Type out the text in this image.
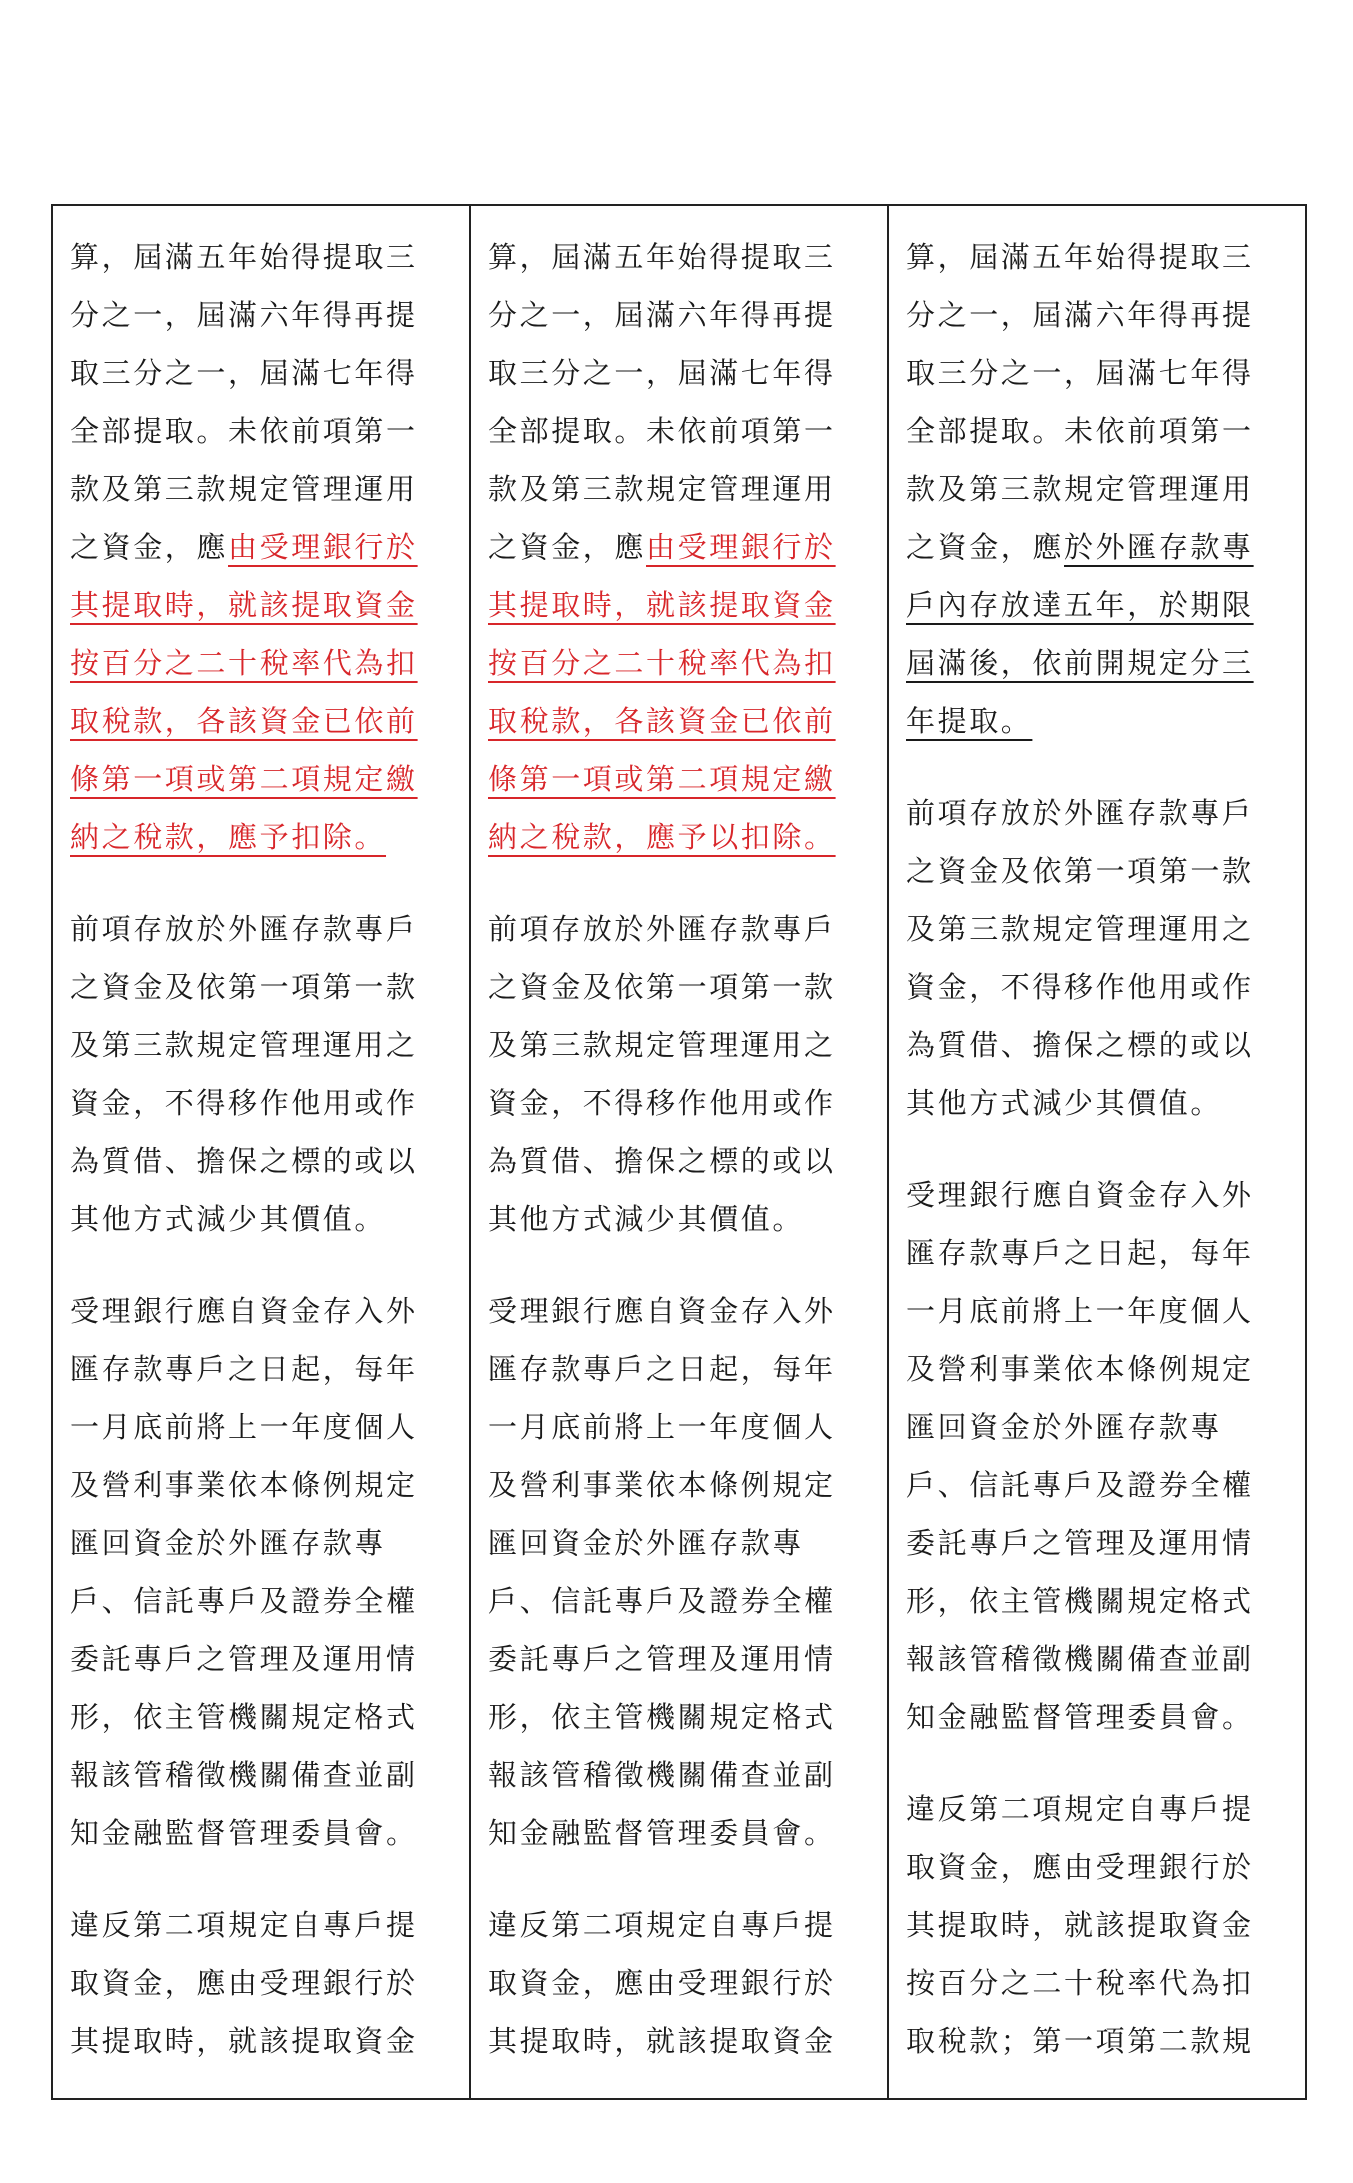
算，屆滿五年始得提取三分之一，屆滿六年得再提取三分之一，屆滿七年得全部提取。未依前項第一款及第三款規定管理運用之資金，應由受理銀行於其提取時，就該提取資金按百分之二十稅率代為扣取稅款，各該資金已依前條第一項或第二項規定繳納之稅款，應予扣除。

前項存放於外匯存款專戶之資金及依第一項第一款及第三款規定管理運用之資金，不得移作他用或作為質借、擔保之標的或以其他方式減少其價值。

受理銀行應自資金存入外匯存款專戶之日起，每年一月底前將上一年度個人及營利事業依本條例規定匯回資金於外匯存款專戶、信託專戶及證券全權委託專戶之管理及運用情形，依主管機關規定格式報該管稽徵機關備查並副知金融監督管理委員會。

違反第二項規定自專戶提取資金，應由受理銀行於其提取時，就該提取資金

算，屆滿五年始得提取三分之一，屆滿六年得再提取三分之一，屆滿七年得全部提取。未依前項第一款及第三款規定管理運用之資金，應由受理銀行於其提取時，就該提取資金按百分之二十稅率代為扣取稅款，各該資金已依前條第一項或第二項規定繳納之稅款，應予以扣除。

前項存放於外匯存款專戶之資金及依第一項第一款及第三款規定管理運用之資金，不得移作他用或作為質借、擔保之標的或以其他方式減少其價值。

受理銀行應自資金存入外匯存款專戶之日起，每年一月底前將上一年度個人及營利事業依本條例規定匯回資金於外匯存款專戶、信託專戶及證券全權委託專戶之管理及運用情形，依主管機關規定格式報該管稽徵機關備查並副知金融監督管理委員會。

違反第二項規定自專戶提取資金，應由受理銀行於其提取時，就該提取資金

算，屆滿五年始得提取三分之一，屆滿六年得再提取三分之一，屆滿七年得全部提取。未依前項第一款及第三款規定管理運用之資金，應於外匯存款專戶內存放達五年，於期限屆滿後，依前開規定分三年提取。

前項存放於外匯存款專戶之資金及依第一項第一款及第三款規定管理運用之資金，不得移作他用或作為質借、擔保之標的或以其他方式減少其價值。

受理銀行應自資金存入外匯存款專戶之日起，每年一月底前將上一年度個人及營利事業依本條例規定匯回資金於外匯存款專戶、信託專戶及證券全權委託專戶之管理及運用情形，依主管機關規定格式報該管稽徵機關備查並副知金融監督管理委員會。

違反第二項規定自專戶提取資金，應由受理銀行於其提取時，就該提取資金按百分之二十稅率代為扣取稅款；第一項第二款規
